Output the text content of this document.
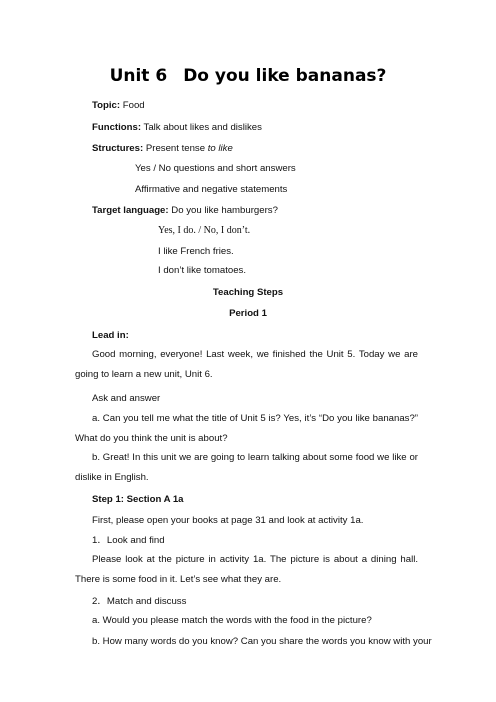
Unit 6 Do you like bananas?
Topic: Food
Functions: Talk about likes and dislikes
Structures: Present tense to like
Yes / No questions and short answers
Affirmative and negative statements
Target language: Do you like hamburgers?
Yes, I do. / No, I don’t.
I like French fries.
I don’t like tomatoes.
Teaching Steps
Period 1
Lead in:
Good morning, everyone! Last week, we finished the Unit 5. Today we are going to learn a new unit, Unit 6.
Ask and answer
a. Can you tell me what the title of Unit 5 is? Yes, it’s “Do you like bananas?” What do you think the unit is about?
b. Great! In this unit we are going to learn talking about some food we like or dislike in English.
Step 1: Section A 1a
First, please open your books at page 31 and look at activity 1a.
1．Look and find
Please look at the picture in activity 1a. The picture is about a dining hall. There is some food in it. Let’s see what they are.
2．Match and discuss
a. Would you please match the words with the food in the picture?
b. How many words do you know? Can you share the words you know with your
